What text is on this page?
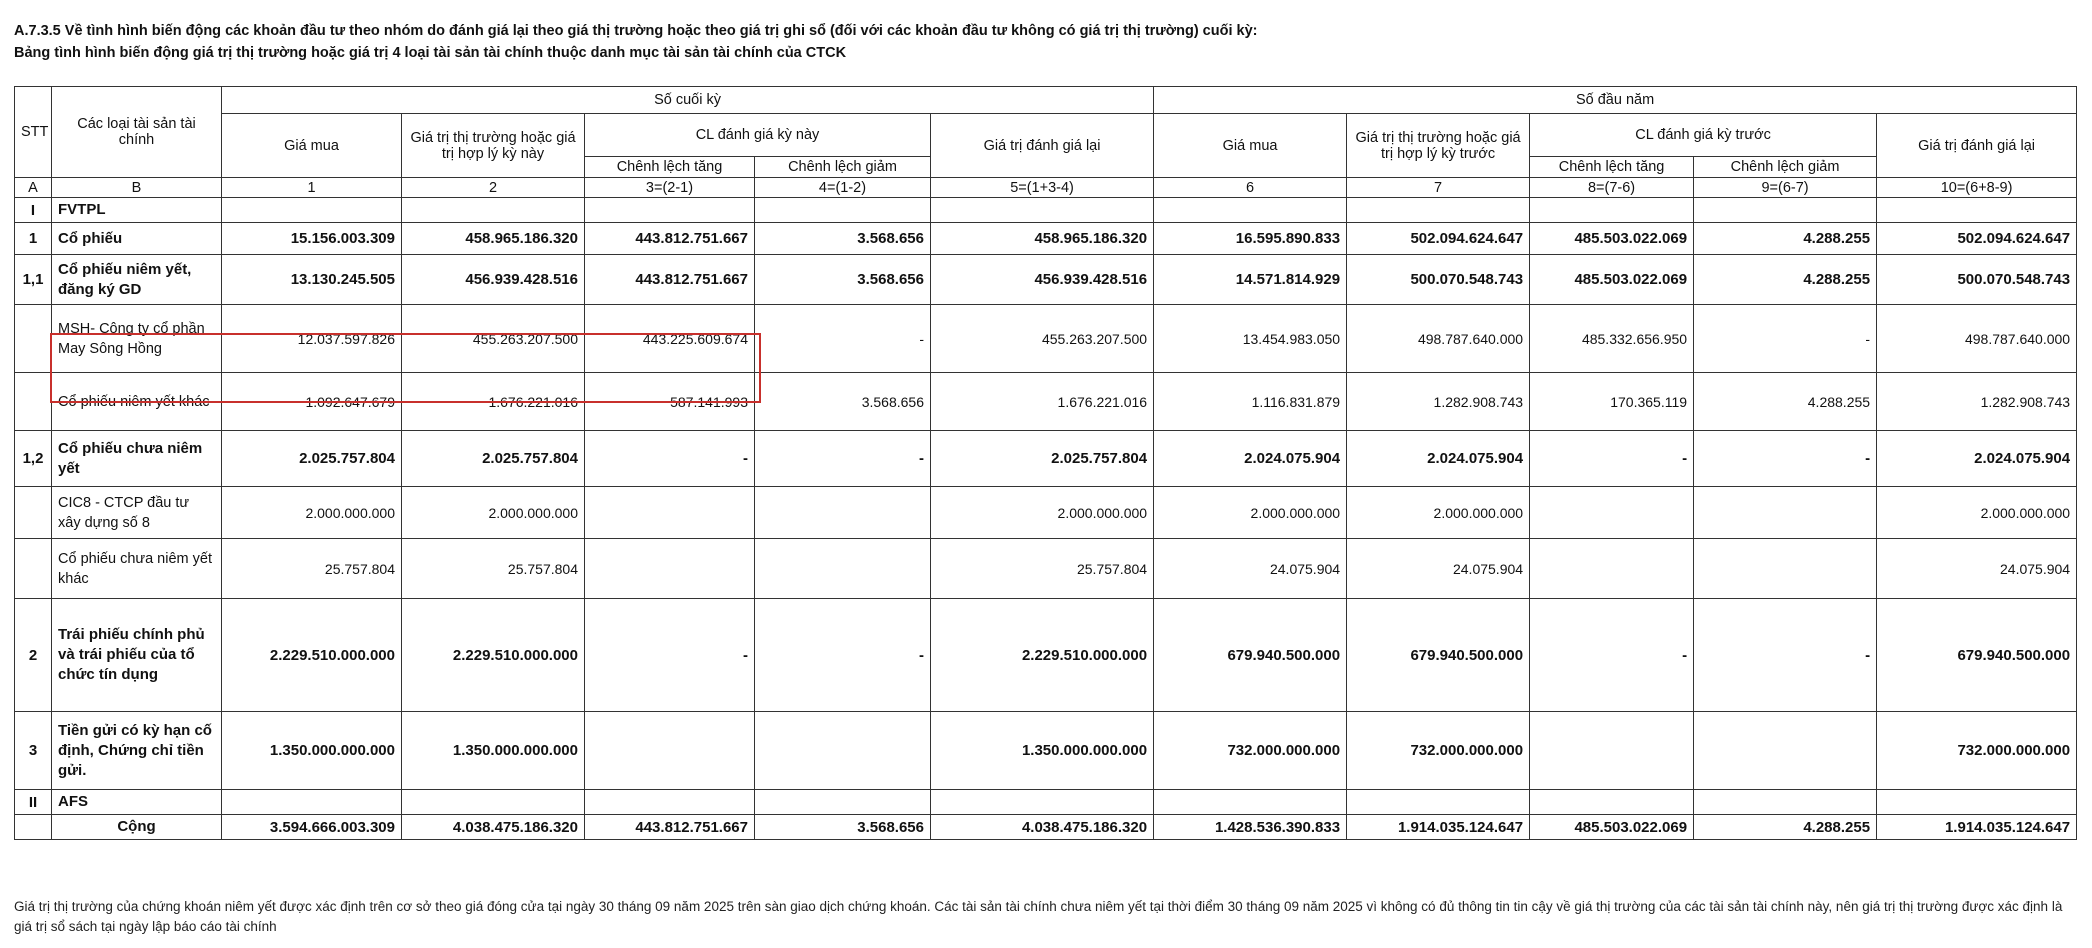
A.7.3.5 Về tình hình biến động các khoản đầu tư theo nhóm do đánh giá lại theo giá thị trường hoặc theo giá trị ghi sổ (đối với các khoản đầu tư không có giá trị thị trường) cuối kỳ:
Bảng tình hình biến động giá trị thị trường hoặc giá trị 4 loại tài sản tài chính thuộc danh mục tài sản tài chính của CTCK
STT	Các loại tài sản tài chính	Số cuối kỳ					Số đầu năm				
		Giá mua	Giá trị thị trường hoặc giá trị hợp lý kỳ này	CL đánh giá kỳ này		Giá trị đánh giá lại	Giá mua	Giá trị thị trường hoặc giá trị hợp lý kỳ trước	CL đánh giá kỳ trước		Giá trị đánh giá lại
				Chênh lệch tăng	Chênh lệch giảm				Chênh lệch tăng	Chênh lệch giảm	
A	B	1	2	3=(2-1)	4=(1-2)	5=(1+3-4)	6	7	8=(7-6)	9=(6-7)	10=(6+8-9)
I	FVTPL										

1	Cổ phiếu	15.156.003.309	458.965.186.320	443.812.751.667	3.568.656	458.965.186.320	16.595.890.833	502.094.624.647	485.503.022.069	4.288.255	502.094.624.647
1,1	Cổ phiếu niêm yết, đăng ký GD	13.130.245.505	456.939.428.516	443.812.751.667	3.568.656	456.939.428.516	14.571.814.929	500.070.548.743	485.503.022.069	4.288.255	500.070.548.743

	MSH- Công ty cổ phần May Sông Hồng	12.037.597.826	455.263.207.500	443.225.609.674	-	455.263.207.500	13.454.983.050	498.787.640.000	485.332.656.950	-	498.787.640.000

	Cổ phiếu niêm yết khác	1.092.647.679	1.676.221.016	587.141.993	3.568.656	1.676.221.016	1.116.831.879	1.282.908.743	170.365.119	4.288.255	1.282.908.743
1,2	Cổ phiếu chưa niêm yết	2.025.757.804	2.025.757.804	-	-	2.025.757.804	2.024.075.904	2.024.075.904	-	-	2.024.075.904

	CIC8 - CTCP đầu tư xây dựng số 8	2.000.000.000	2.000.000.000			2.000.000.000	2.000.000.000	2.000.000.000			2.000.000.000

	Cổ phiếu chưa niêm yết khác	25.757.804	25.757.804			25.757.804	24.075.904	24.075.904			24.075.904
2	Trái phiếu chính phủ và trái phiếu của tổ chức tín dụng	2.229.510.000.000	2.229.510.000.000	-	-	2.229.510.000.000	679.940.500.000	679.940.500.000	-	-	679.940.500.000
3	Tiền gửi có kỳ hạn cố định, Chứng chỉ tiền gửi.	1.350.000.000.000	1.350.000.000.000			1.350.000.000.000	732.000.000.000	732.000.000.000			732.000.000.000
II	AFS										

	Cộng	3.594.666.003.309	4.038.475.186.320	443.812.751.667	3.568.656	4.038.475.186.320	1.428.536.390.833	1.914.035.124.647	485.503.022.069	4.288.255	1.914.035.124.647
Giá trị thị trường của chứng khoán niêm yết được xác định trên cơ sở theo giá đóng cửa tại ngày 30 tháng 09 năm 2025 trên sàn giao dịch chứng khoán. Các tài sản tài chính chưa niêm yết tại thời điểm 30 tháng 09 năm 2025 vì không có đủ thông tin tin cậy về giá thị trường của các tài sản tài chính này, nên giá trị thị trường được xác định là giá trị sổ sách tại ngày lập báo cáo tài chính
